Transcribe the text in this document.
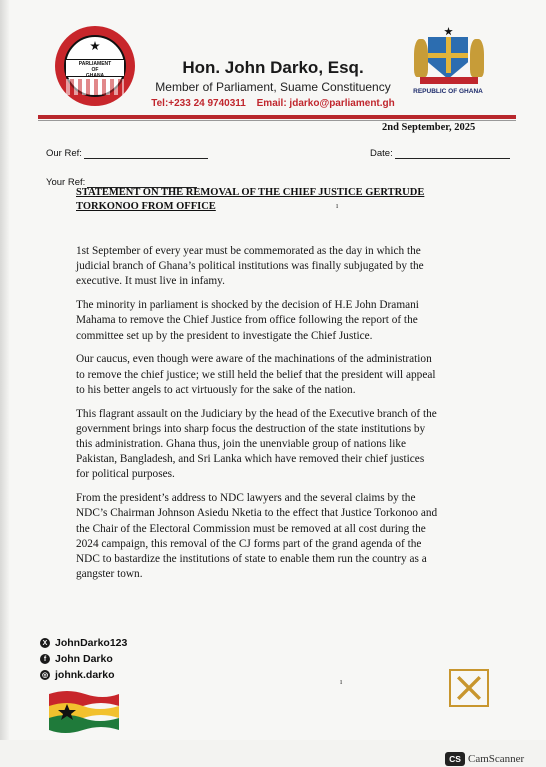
PARLIAMENT
OF
GHANA	Hon. John Darko, Esq.
Member of Parliament, Suame Constituency
Tel:+233 24 9740311 Email: jdarko@parliament.gh
REPUBLIC OF GHANA
2nd September, 2025
Our Ref:	Date:
Your Ref:
STATEMENT ON THE REMOVAL OF THE CHIEF JUSTICE GERTRUDE
TORKONOO FROM OFFICE	ı

1st September of every year must be commemorated as the day in which the
judicial branch of Ghana’s political institutions was finally subjugated by the
executive. It must live in infamy.

The minority in parliament is shocked by the decision of H.E John Dramani
Mahama to remove the Chief Justice from office following the report of the
committee set up by the president to investigate the Chief Justice.

Our caucus, even though were aware of the machinations of the administration
to remove the chief justice; we still held the belief that the president will appeal
to his better angels to act virtuously for the sake of the nation.

This flagrant assault on the Judiciary by the head of the Executive branch of the
government brings into sharp focus the destruction of the state institutions by
this administration. Ghana thus, join the unenviable group of nations like
Pakistan, Bangladesh, and Sri Lanka which have removed their chief justices
for political purposes.

From the president’s address to NDC lawyers and the several claims by the
NDC’s Chairman Johnson Asiedu Nketia to the effect that Justice Torkonoo and
the Chair of the Electoral Commission must be removed at all cost during the
2024 campaign, this removal of the CJ forms part of the grand agenda of the
NDC to bastardize the institutions of state to enable them run the country as a
gangster town.

X JohnDarko123
f John Darko
◎ johnk.darko
ı
CS CamScanner
